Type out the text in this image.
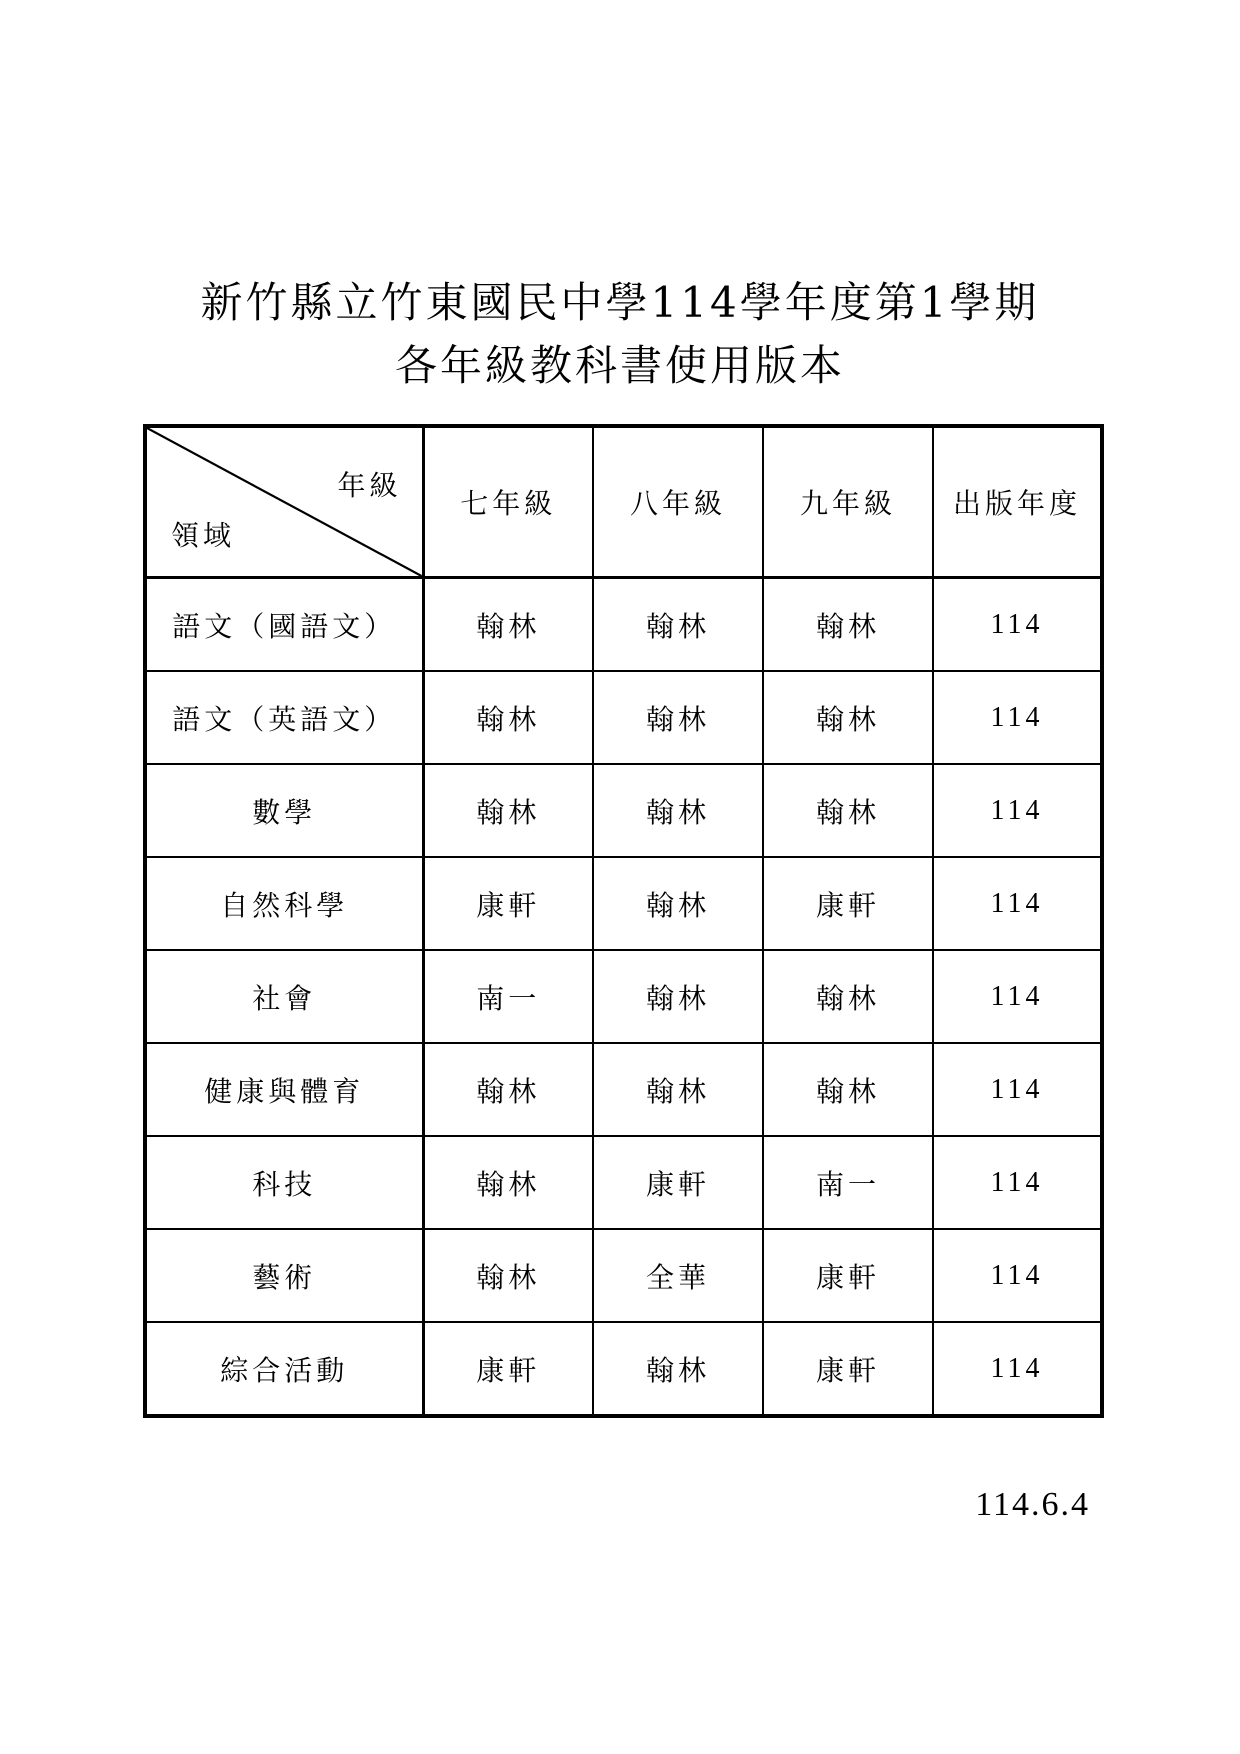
新竹縣立竹東國民中學114學年度第1學期
各年級教科書使用版本
年級
領域	七年級	八年級	九年級	出版年度
語文（國語文）	翰林	翰林	翰林	114
語文（英語文）	翰林	翰林	翰林	114
數學	翰林	翰林	翰林	114
自然科學	康軒	翰林	康軒	114
社會	南一	翰林	翰林	114
健康與體育	翰林	翰林	翰林	114
科技	翰林	康軒	南一	114
藝術	翰林	全華	康軒	114
綜合活動	康軒	翰林	康軒	114
114.6.4
